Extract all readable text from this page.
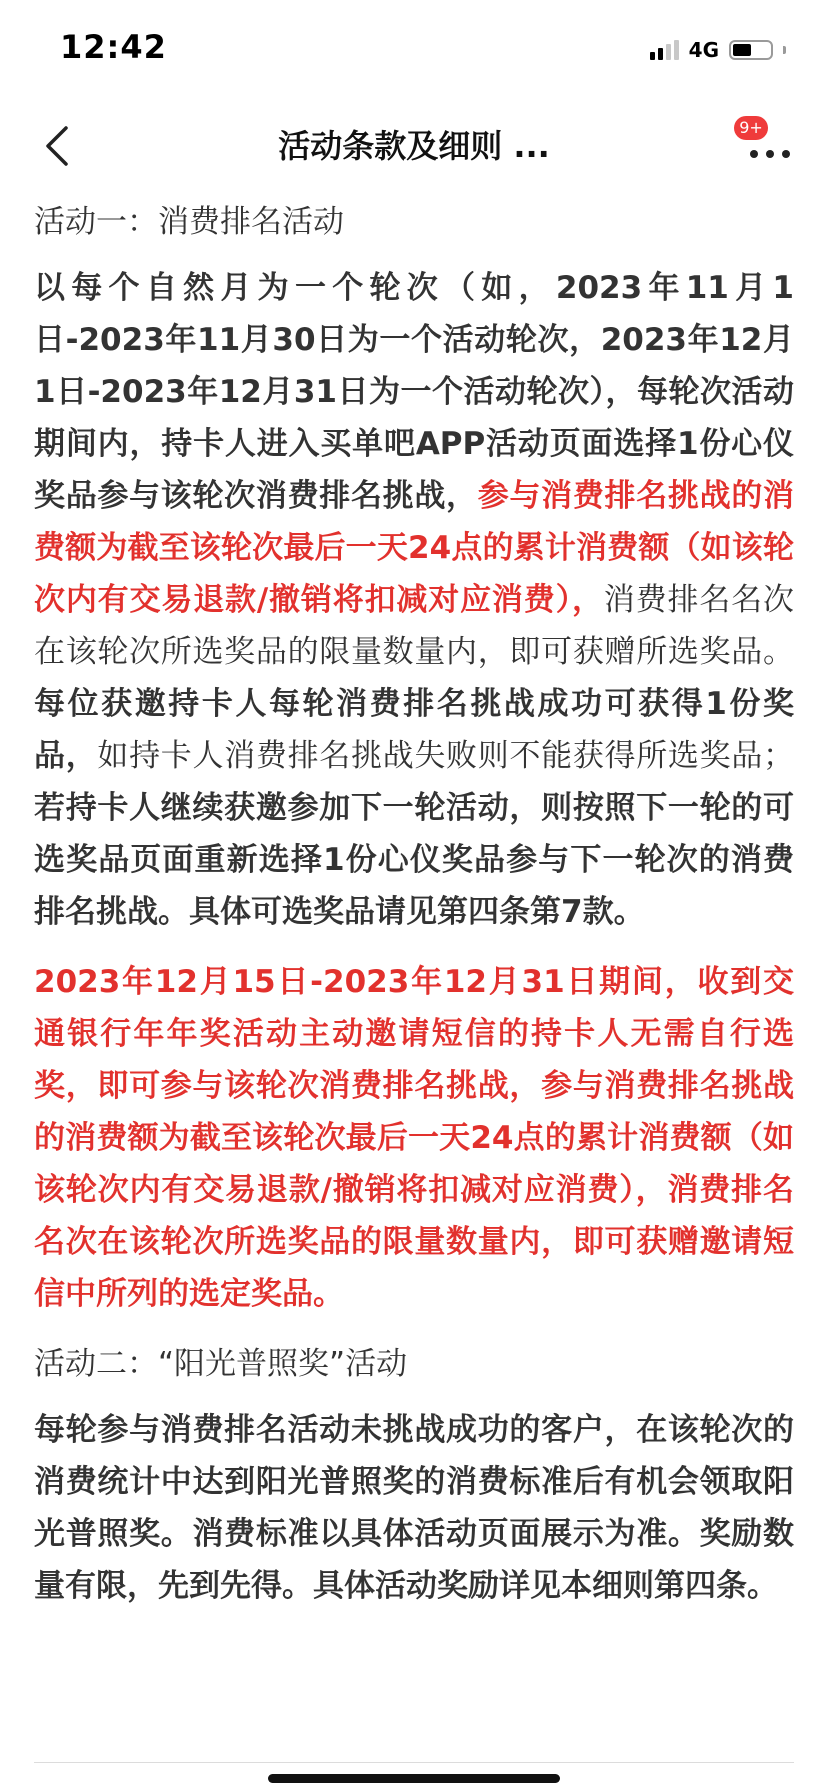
12:42	4G
活动条款及细则 ...	9+

活动一：消费排名活动

以每个自然月为一个轮次（如，2023年11月1日-2023年11月30日为一个活动轮次，2023年12月1日-2023年12月31日为一个活动轮次），每轮次活动期间内，持卡人进入买单吧APP活动页面选择1份心仪奖品参与该轮次消费排名挑战，参与消费排名挑战的消费额为截至该轮次最后一天24点的累计消费额（如该轮次内有交易退款/撤销将扣减对应消费），消费排名名次在该轮次所选奖品的限量数量内，即可获赠所选奖品。每位获邀持卡人每轮消费排名挑战成功可获得1份奖品，如持卡人消费排名挑战失败则不能获得所选奖品；若持卡人继续获邀参加下一轮活动，则按照下一轮的可选奖品页面重新选择1份心仪奖品参与下一轮次的消费排名挑战。具体可选奖品请见第四条第7款。

2023年12月15日-2023年12月31日期间，收到交通银行年年奖活动主动邀请短信的持卡人无需自行选奖，即可参与该轮次消费排名挑战，参与消费排名挑战的消费额为截至该轮次最后一天24点的累计消费额（如该轮次内有交易退款/撤销将扣减对应消费），消费排名名次在该轮次所选奖品的限量数量内，即可获赠邀请短信中所列的选定奖品。

活动二：“阳光普照奖”活动

每轮参与消费排名活动未挑战成功的客户，在该轮次的消费统计中达到阳光普照奖的消费标准后有机会领取阳光普照奖。消费标准以具体活动页面展示为准。奖励数量有限，先到先得。具体活动奖励详见本细则第四条。
